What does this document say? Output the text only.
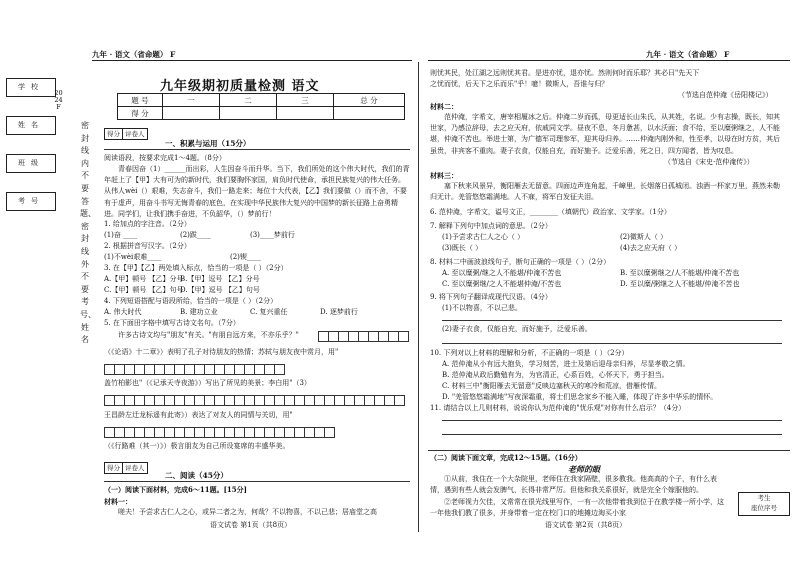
九年 · 语文（省命题） F
学校
姓名
班级
考号
2024F
密封线内不要答题、密封线外不要考号、姓名
九年级期初质量检测 语文
题 号	一	二	三	总 分
得 分				
得分 评卷人
一、积累与运用（15分）
阅读语段，按要求完成1～4题。（8分）
青春因奋（1）______而出彩，人生因奋斗而升华。当下，我们所处的这个伟大时代，我们的青年赶上了【甲】大有可为的新时代，我们要胸怀家国，肩负时代使命，承担民族复兴的伟大任务。从伟人wèi（）艰难，失志奋斗，我们一路走来；每位十大代表，【乙】我们要做（）而不舍，不要有于虚声，用奋斗书写无悔青春的底色，在实现中华民族伟大复兴的中国梦的新长征路上奋勇精进。同学们，让我们携手奋进，不负韶华，（）梦前行！
1. 给加点的字注音。（2分）
(1)奋 ____	(2)跋____	(3)____梦前行
2. 根据拼音写汉字。（2分）
(1)不wèi艰难____	(2)锲____
3. 在【甲】【乙】两处填入标点，恰当的一项是（ ）（2分）
A.【甲】顿号 【乙】分号
B.【甲】逗号 【乙】分号
C.【甲】顿号 【乙】句号
D.【甲】逗号 【乙】句号
4. 下列短语搭配与语段所给，恰当的一项是（ ）（2分）
A. 伟大时代	B. 建功立业	C. 复兴重任	D. 逐梦前行
5. 在下面田字格中填写古诗文名句。（7分）
许多古诗文均与"朋友"有关。"有朋自远方来，不亦乐乎？"
（《论语》十二章》）表明了孔子对待朋友的热情；苏轼与朋友夜中赏月，用"
盖竹柏影也"（《记承天寺夜游》）写出了所见的美景；李白用"（3）
王昌龄左迁龙标遥有此寄》）表达了对友人的同情与关切，用"
（《行路难（其一）》）极言朋友为自己所设宴席的丰盛华美。
得分 评卷人
二、阅读（45分）
（一）阅读下面材料，完成6～11题。[15分]
材料一：
嗟夫！予尝求古仁人之心，或异二者之为，何哉？不以物喜，不以己悲；居庙堂之高
语文试卷 第1页（共8页）
九年 · 语文（省命题） F
则忧其民，处江湖之远则忧其君。是进亦忧，退亦忧。然则何时而乐耶？其必曰"先天下
之忧而忧，后天下之乐而乐"乎！噫！微斯人，吾谁与归？
（节选自范仲淹《岳阳楼记》）
材料二：
范仲淹，字希文，唐宰相履冰之后。仲淹二岁而孤，母更适长山朱氏，从其姓，名说。少有志操，既长，知其世家，乃感泣辞母，去之应天府，依戚同文学。昼夜不息，冬月惫甚，以水沃面；食不给，至以糜粥继之，人不能堪，仲淹不苦也。举进士第，为广德军司理参军，迎其母归养。……仲淹内刚外和，性至孝，以母在时方贫，其后虽贵，非宾客不重肉。妻子衣食，仅能自充，而好施予。泛爱乐善，死之日，四方闻者，皆为叹息。
（节选自《宋史·范仲淹传》）
材料三：
塞下秋来风景异，衡阳雁去无留意。四面边声连角起，千嶂里，长烟落日孤城闭。浊酒一杯家万里，燕然未勒归无计。羌管悠悠霜满地。人不寐，将军白发征夫泪。
6. 范仲淹，字希文，谥号文正，________（填朝代）政治家、文学家。（1分）
7. 解释下列句中加点词的意思。（2分）
(1)予尝求古仁人之心（ ）	(2)微斯人（ ）
(3)既长（ ）	(4)去之应天府（ ）
8. 材料二中画波浪线句子，断句正确的一项是（ ）（2分）
A. 至以糜粥/继之人不能堪/仲淹不苦也	B. 至以糜粥继之/人不能堪/仲淹不苦也
C. 至以糜粥继/之人不能堪仲淹/不苦也	D. 至以糜/粥继之人不能堪/仲淹不苦也
9. 将下列句子翻译成现代汉语。（4分）
(1)不以物喜，不以己悲。
(2)妻子衣食，仅能自充，而好施予，泛爱乐善。
10. 下列对以上材料的理解和分析，不正确的一项是（ ）（2分）
A. 范仲淹从小有远大抱负，学习刻苦，进士及第后迎母亲归养，尽显孝敬之情。
B. 范仲淹从政后勤勉有为，为官清正，心系百姓，心怀天下，勇于担当。
C. 材料三中"衡阳雁去无留意"反映边塞秋天的寒冷和荒凉，借雁传情。
D. "羌管悠悠霜满地"写夜深霜重，将士们思念家乡不能入睡，体现了许多中华乐的情怀。
11. 请结合以上几则材料，说说你认为范仲淹的"忧乐观"对你有什么启示？（4分）
（二）阅读下面文章，完成12～15题。（16分）
①从前，我住在一个大杂院里，老师住在我家隔壁，很多教我。他高高的个子，有什么表情，遇到有些人就会发脾气，长得非常严厉。但他和我关系很好，就是完全个嫁服他的。
②老师视力欠佳，又常常在很光线里写作，一有一次他带着我到位于在教学楼一所小学，这一年他我们教了很多，并身带着一定在校门口的地摊边淘买小家
语文试卷 第2页（共8页）
老师的眼
考生
座位序号
